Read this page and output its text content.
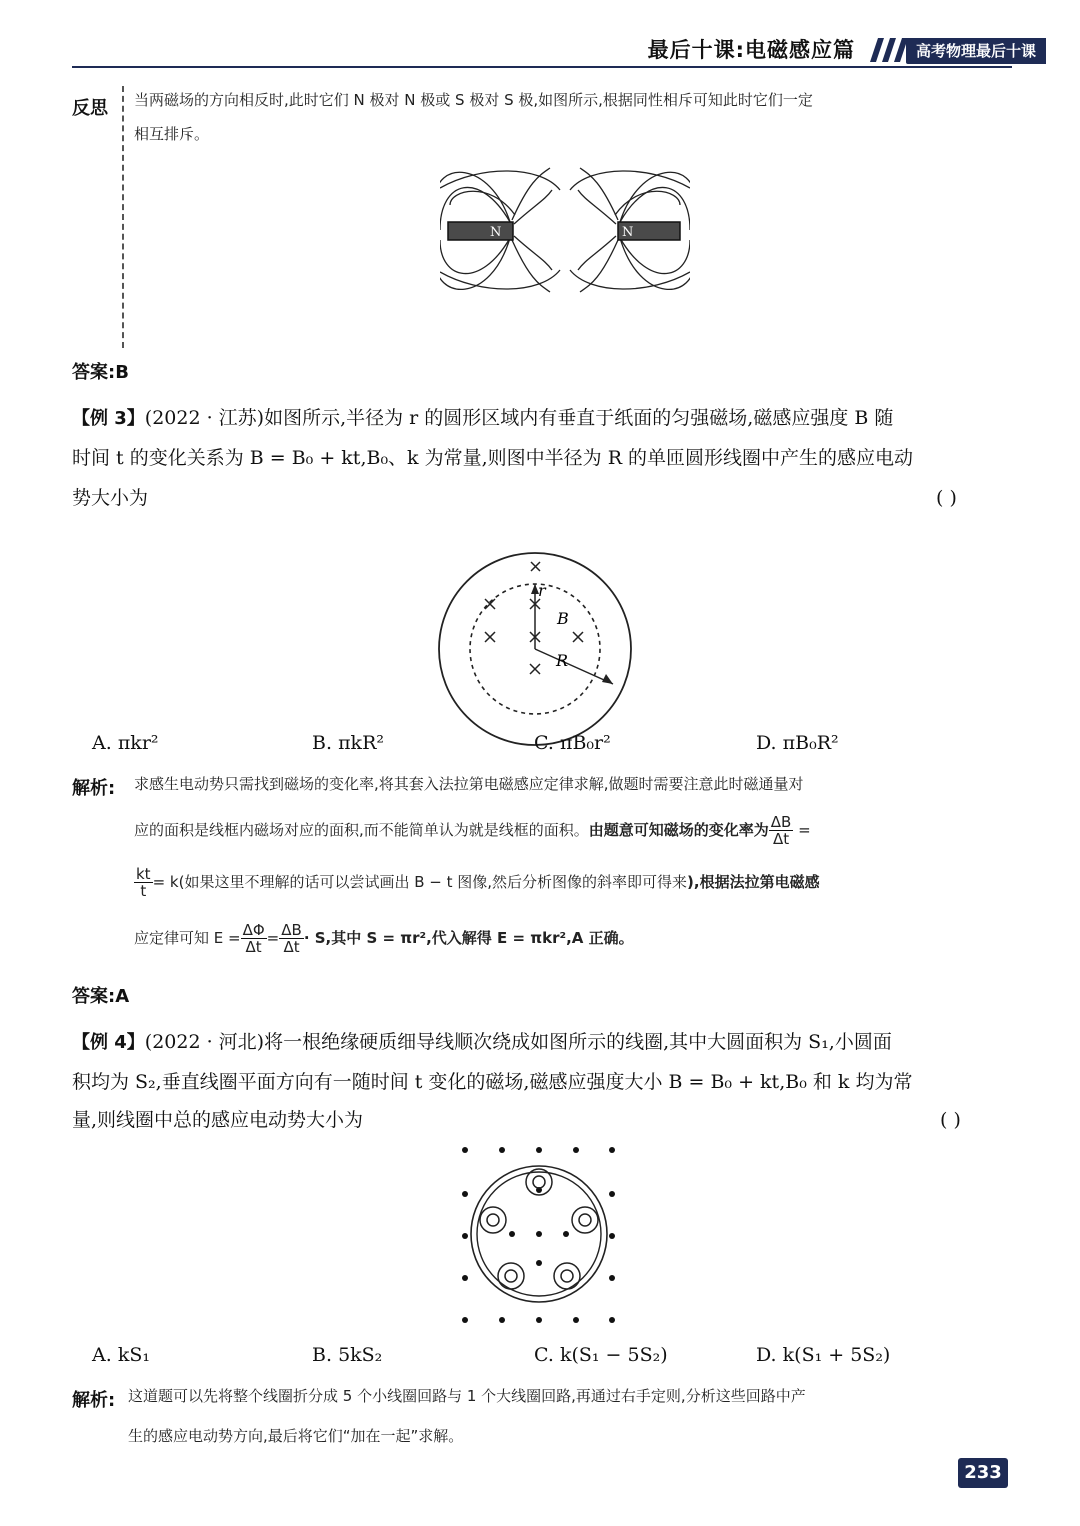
最后十课:电磁感应篇	高考物理最后十课
反思 当两磁场的方向相反时,此时它们 N 极对 N 极或 S 极对 S 极,如图所示,根据同性相斥可知此时它们一定
相互排斥。
N	N
答案:B
【例 3】(2022 · 江苏)如图所示,半径为 r 的圆形区域内有垂直于纸面的匀强磁场,磁感应强度 B 随
时间 t 的变化关系为 B = B₀ + kt,B₀、k 为常量,则图中半径为 R 的单匝圆形线圈中产生的感应电动
势大小为	( )
r
B
R
A. πkr²	B. πkR²	C. πB₀r²	D. πB₀R²
解析: 求感生电动势只需找到磁场的变化率,将其套入法拉第电磁感应定律求解,做题时需要注意此时磁通量对
应的面积是线框内磁场对应的面积,而不能简单认为就是线框的面积。由题意可知磁场的变化率为 $\frac{\Delta B}{\Delta t}$ =
$\frac{kt}{t} = k$(如果这里不理解的话可以尝试画出 B − t 图像,然后分析图像的斜率即可得来),根据法拉第电磁感
应定律可知 $E = \frac{\Delta\Phi}{\Delta t} = \frac{\Delta B}{\Delta t} \cdot S$,其中 S = πr²,代入解得 E = πkr²,A 正确。
答案:A
【例 4】(2022 · 河北)将一根绝缘硬质细导线顺次绕成如图所示的线圈,其中大圆面积为 S₁,小圆面
积均为 S₂,垂直线圈平面方向有一随时间 t 变化的磁场,磁感应强度大小 B = B₀ + kt,B₀ 和 k 均为常
量,则线圈中总的感应电动势大小为	( )
A. kS₁	B. 5kS₂	C. k(S₁ − 5S₂)	D. k(S₁ + 5S₂)
解析: 这道题可以先将整个线圈折分成 5 个小线圈回路与 1 个大线圈回路,再通过右手定则,分析这些回路中产
生的感应电动势方向,最后将它们“加在一起”求解。
233
